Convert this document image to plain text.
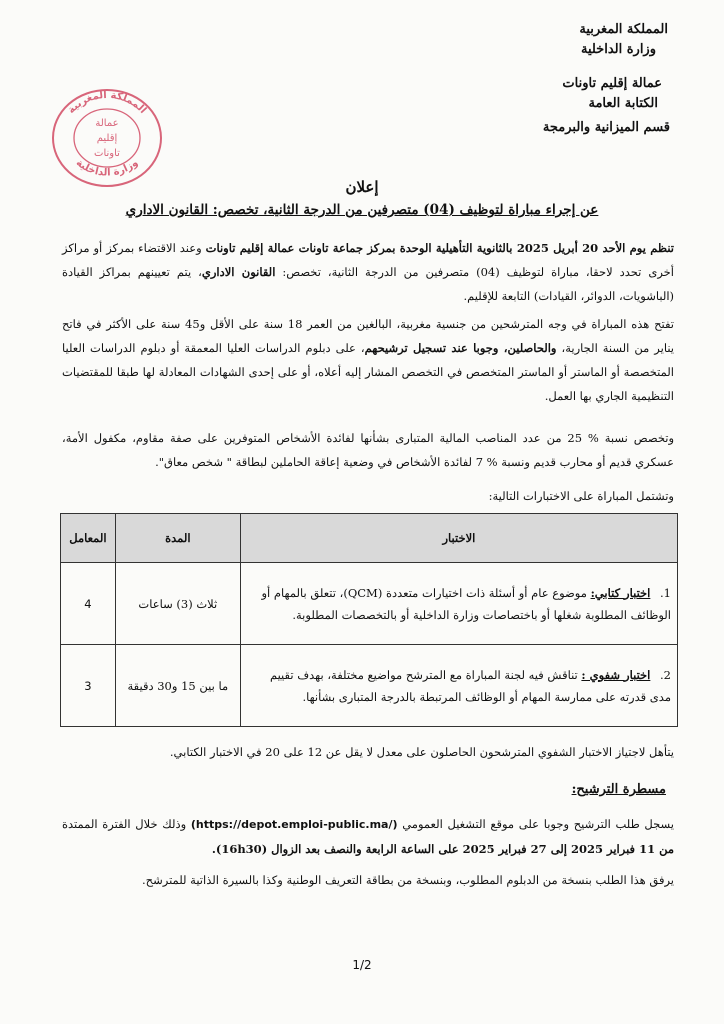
المملكة المغربية
وزارة الداخلية
عمالة إقليم تاونات
الكتابة العامة
قسم الميزانية والبرمجة
المملكة المغربية
وزارة الداخلية
عمالة
إقليم
تاونات
إعلان
عن إجراء مباراة لتوظيف (04) متصرفين من الدرجة الثانية، تخصص: القانون الاداري
تنظم يوم الأحد 20 أبريل 2025 بالثانوية التأهيلية الوحدة بمركز جماعة تاونات عمالة إقليم تاونات وعند الاقتضاء بمركز أو مراكز أخرى تحدد لاحقا، مباراة لتوظيف (04) متصرفين من الدرجة الثانية، تخصص: القانون الاداري، يتم تعيينهم بمراكز القيادة (الباشويات، الدوائر، القيادات) التابعة للإقليم.
تفتح هذه المباراة في وجه المترشحين من جنسية مغربية، البالغين من العمر 18 سنة على الأقل و45 سنة على الأكثر في فاتح يناير من السنة الجارية، والحاصلين، وجوبا عند تسجيل ترشيحهم، على دبلوم الدراسات العليا المعمقة أو دبلوم الدراسات العليا المتخصصة أو الماستر أو الماستر المتخصص في التخصص المشار إليه أعلاه، أو على إحدى الشهادات المعادلة لها طبقا للمقتضيات التنظيمية الجاري بها العمل.
وتخصص نسبة % 25 من عدد المناصب المالية المتبارى بشأنها لفائدة الأشخاص المتوفرين على صفة مقاوم، مكفول الأمة، عسكري قديم أو محارب قديم ونسبة % 7 لفائدة الأشخاص في وضعية إعاقة الحاملين لبطاقة " شخص معاق".
وتشتمل المباراة على الاختبارات التالية:
الاختبار	المدة	المعامل
1. اختبار كتابي: موضوع عام أو أسئلة ذات اختيارات متعددة (QCM)، تتعلق بالمهام أو الوظائف المطلوبة شغلها أو باختصاصات وزارة الداخلية أو بالتخصصات المطلوبة.	ثلاث (3) ساعات	4
2. اختبار شفوي : تناقش فيه لجنة المباراة مع المترشح مواضيع مختلفة، بهدف تقييم مدى قدرته على ممارسة المهام أو الوظائف المرتبطة بالدرجة المتبارى بشأنها.	ما بين 15 و30 دقيقة	3
يتأهل لاجتياز الاختبار الشفوي المترشحون الحاصلون على معدل لا يقل عن 12 على 20 في الاختبار الكتابي.
مسطرة الترشيح:
يسجل طلب الترشيح وجوبا على موقع التشغيل العمومي (https://depot.emploi-public.ma/) وذلك خلال الفترة الممتدة من 11 فبراير 2025 إلى 27 فبراير 2025 على الساعة الرابعة والنصف بعد الزوال (16h30).
يرفق هذا الطلب بنسخة من الدبلوم المطلوب، وبنسخة من بطاقة التعريف الوطنية وكذا بالسيرة الذاتية للمترشح.
1/2
